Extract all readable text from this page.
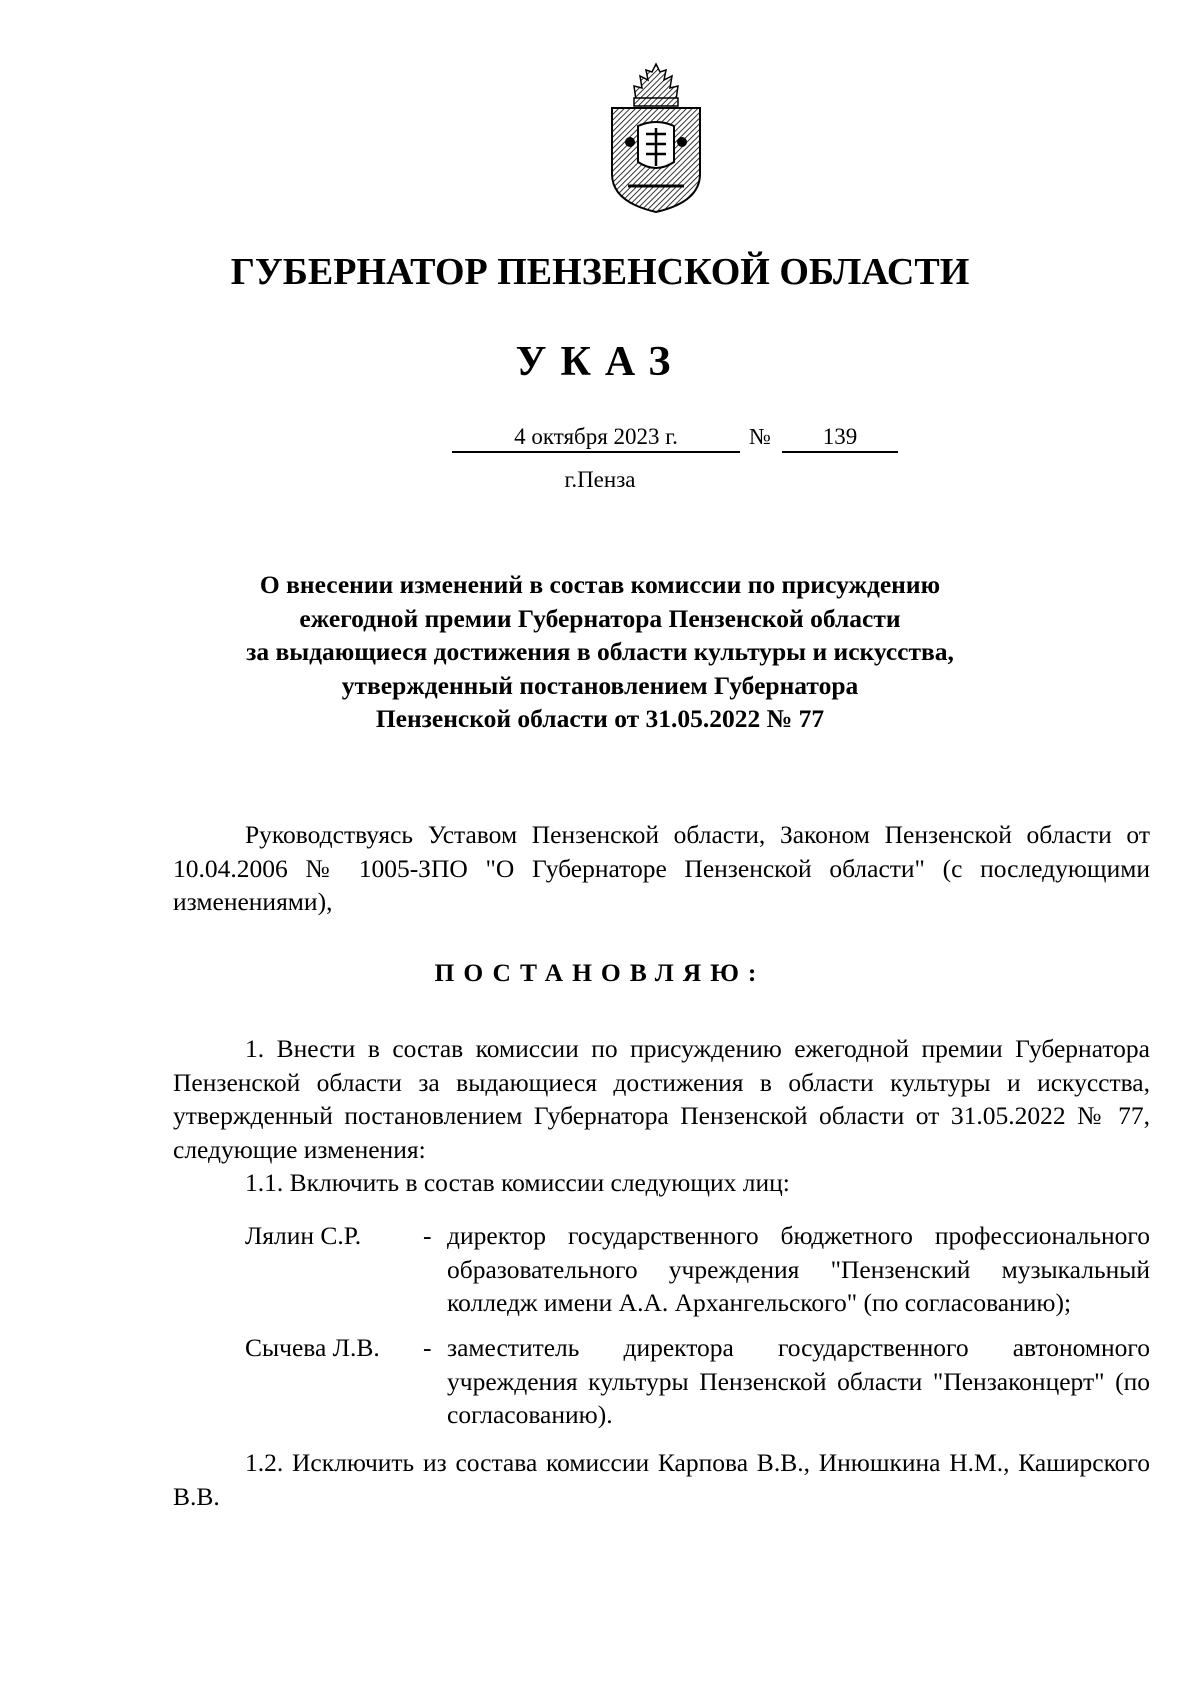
ГУБЕРНАТОР ПЕНЗЕНСКОЙ ОБЛАСТИ
УКАЗ
4 октября 2023 г.	№	139
г.Пенза
О внесении изменений в состав комиссии по присуждению
ежегодной премии Губернатора Пензенской области
за выдающиеся достижения в области культуры и искусства,
утвержденный постановлением Губернатора
Пензенской области от 31.05.2022 № 77
Руководствуясь Уставом Пензенской области, Законом Пензенской области от 10.04.2006 № 1005-ЗПО "О Губернаторе Пензенской области" (с последующими изменениями),
ПОСТАНОВЛЯЮ:

1. Внести в состав комиссии по присуждению ежегодной премии Губернатора Пензенской области за выдающиеся достижения в области культуры и искусства, утвержденный постановлением Губернатора Пензенской области от 31.05.2022 № 77, следующие изменения:

1.1. Включить в состав комиссии следующих лиц:

Лялин С.Р. - директор государственного бюджетного профессионального образовательного учреждения "Пензенский музыкальный колледж имени А.А. Архангельского" (по согласованию);
Сычева Л.В. - заместитель директора государственного автономного учреждения культуры Пензенской области "Пензаконцерт" (по согласованию).
1.2. Исключить из состава комиссии Карпова В.В., Инюшкина Н.М., Каширского В.В.
